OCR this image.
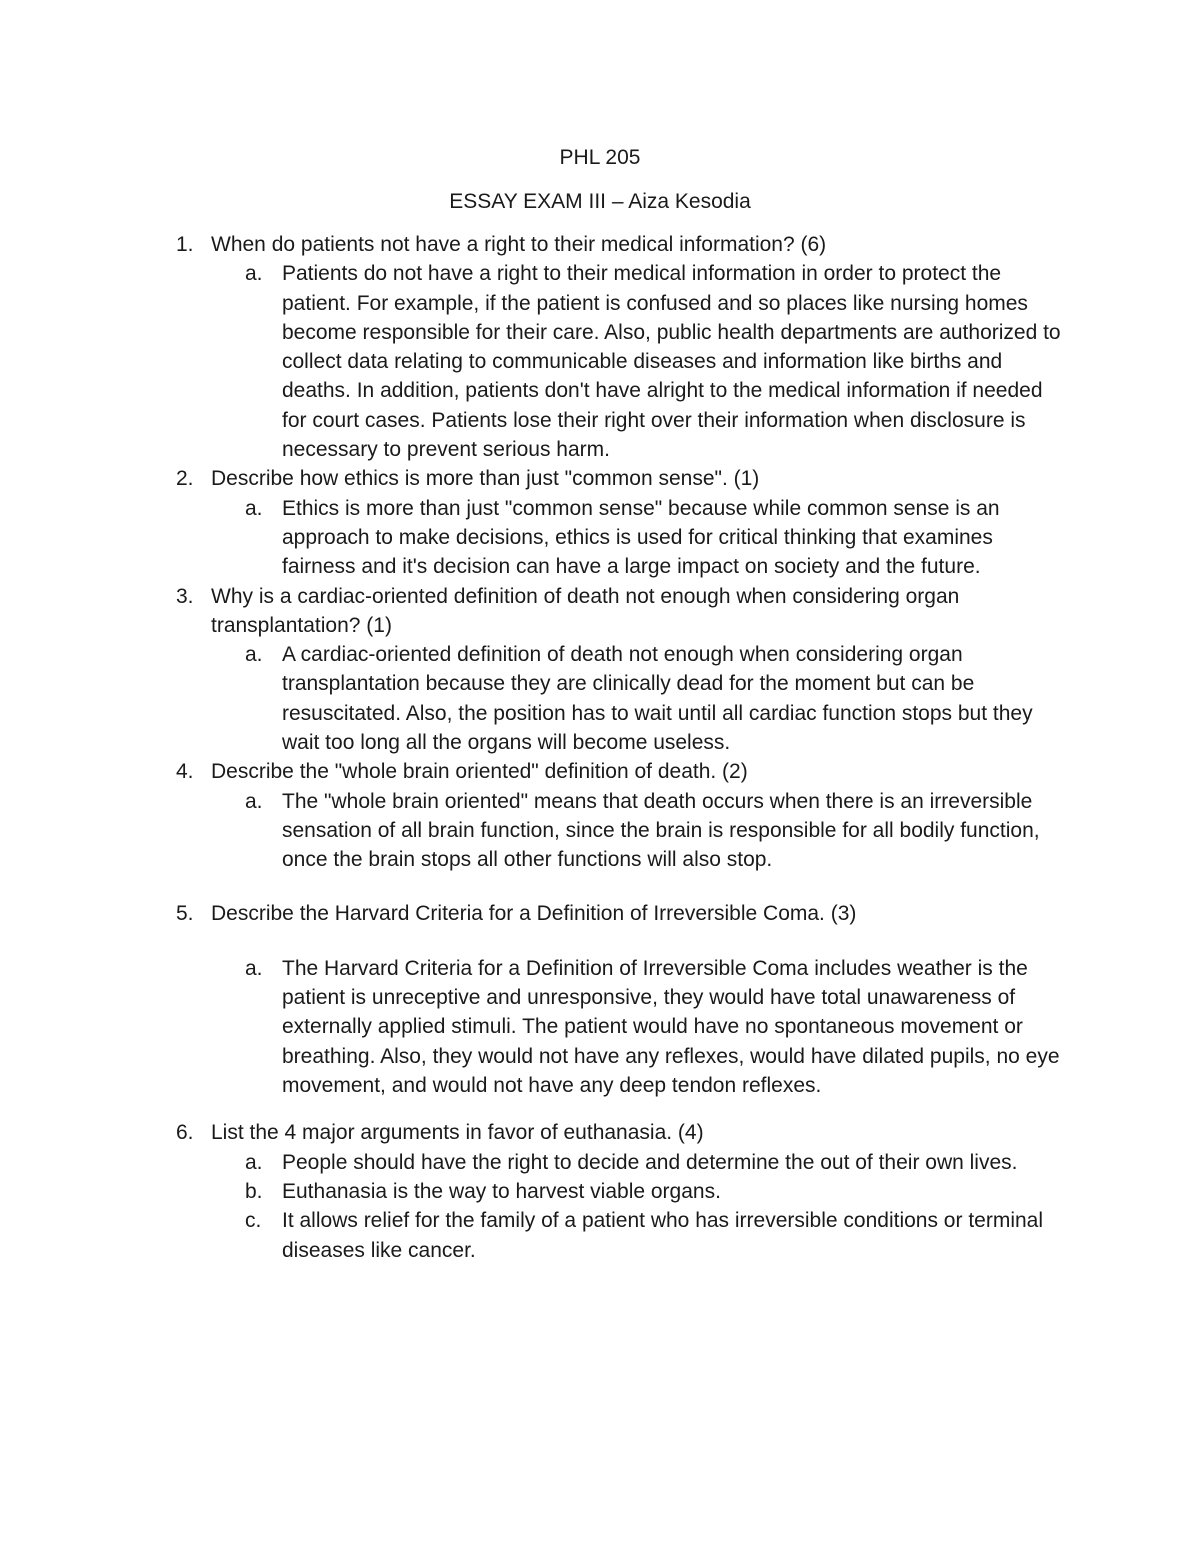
PHL 205
ESSAY EXAM III – Aiza Kesodia
1. When do patients not have a right to their medical information? (6)
a. Patients do not have a right to their medical information in order to protect the patient. For example, if the patient is confused and so places like nursing homes become responsible for their care. Also, public health departments are authorized to collect data relating to communicable diseases and information like births and deaths. In addition, patients don't have alright to the medical information if needed for court cases. Patients lose their right over their information when disclosure is necessary to prevent serious harm.
2. Describe how ethics is more than just "common sense". (1)
a. Ethics is more than just "common sense" because while common sense is an approach to make decisions, ethics is used for critical thinking that examines fairness and it's decision can have a large impact on society and the future.
3. Why is a cardiac-oriented definition of death not enough when considering organ transplantation? (1)
a. A cardiac-oriented definition of death not enough when considering organ transplantation because they are clinically dead for the moment but can be resuscitated. Also, the position has to wait until all cardiac function stops but they wait too long all the organs will become useless.
4. Describe the "whole brain oriented" definition of death. (2)
a. The "whole brain oriented" means that death occurs when there is an irreversible sensation of all brain function, since the brain is responsible for all bodily function, once the brain stops all other functions will also stop.
5. Describe the Harvard Criteria for a Definition of Irreversible Coma. (3)
a. The Harvard Criteria for a Definition of Irreversible Coma includes weather is the patient is unreceptive and unresponsive, they would have total unawareness of externally applied stimuli. The patient would have no spontaneous movement or breathing. Also, they would not have any reflexes, would have dilated pupils, no eye movement, and would not have any deep tendon reflexes.
6. List the 4 major arguments in favor of euthanasia. (4)
a. People should have the right to decide and determine the out of their own lives.
b. Euthanasia is the way to harvest viable organs.
c. It allows relief for the family of a patient who has irreversible conditions or terminal diseases like cancer.
